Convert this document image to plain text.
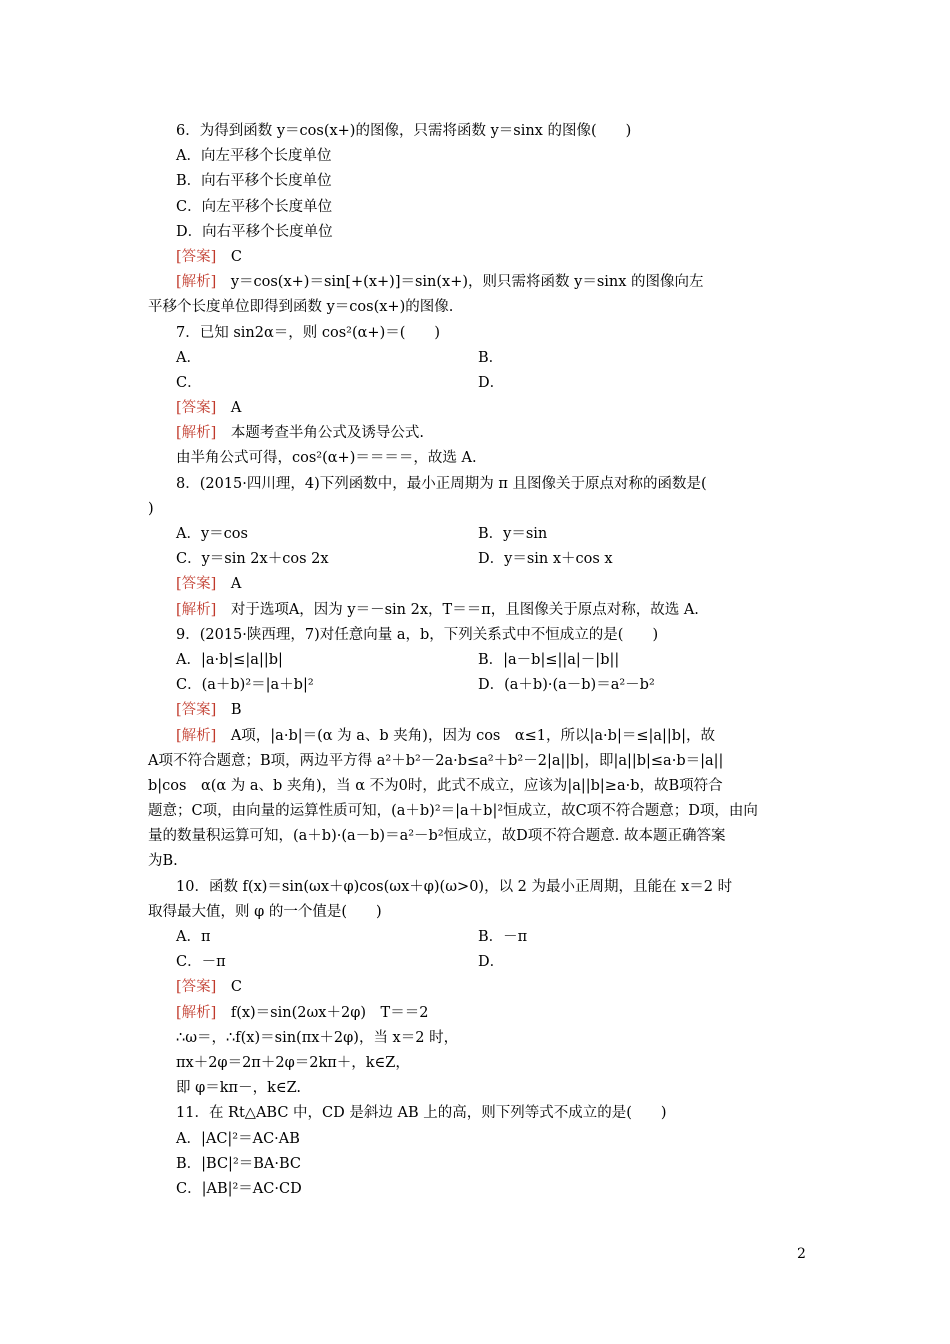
6．为得到函数 y＝cos(x+)的图像，只需将函数 y＝sinx 的图像(　　)
A．向左平移个长度单位
B．向右平移个长度单位
C．向左平移个长度单位
D．向右平移个长度单位
[答案]　C
[解析]　y＝cos(x+)＝sin[+(x+)]＝sin(x+)，则只需将函数 y＝sinx 的图像向左
平移个长度单位即得到函数 y＝cos(x+)的图像.
7．已知 sin2α＝，则 cos²(α+)＝(　　)
A．	B．
C．	D．
[答案]　A
[解析]　本题考查半角公式及诱导公式.
由半角公式可得，cos²(α+)＝＝＝＝，故选 A.
8．(2015·四川理，4)下列函数中，最小正周期为 π 且图像关于原点对称的函数是(
)
A．y＝cos	B．y＝sin
C．y＝sin 2x＋cos 2x	D．y＝sin x＋cos x
[答案]　A
[解析]　对于选项A，因为 y＝－sin 2x，T＝＝π，且图像关于原点对称，故选 A.
9．(2015·陕西理，7)对任意向量 a，b，下列关系式中不恒成立的是(　　)
A．|a·b|≤|a||b|	B．|a－b|≤||a|－|b||
C．(a＋b)²＝|a＋b|²	D．(a＋b)·(a－b)＝a²－b²
[答案]　B
[解析]　A项，|a·b|＝(α 为 a、b 夹角)，因为 cos　α≤1，所以|a·b|＝≤|a||b|，故
A项不符合题意；B项，两边平方得 a²＋b²－2a·b≤a²＋b²－2|a||b|，即|a||b|≤a·b＝|a||
b|cos　α(α 为 a、b 夹角)，当 α 不为0时，此式不成立，应该为|a||b|≥a·b，故B项符合
题意；C项，由向量的运算性质可知，(a＋b)²＝|a＋b|²恒成立，故C项不符合题意；D项，由向
量的数量积运算可知，(a＋b)·(a－b)＝a²－b²恒成立，故D项不符合题意. 故本题正确答案
为B.
10．函数 f(x)＝sin(ωx＋φ)cos(ωx＋φ)(ω>0)，以 2 为最小正周期，且能在 x＝2 时
取得最大值，则 φ 的一个值是(　　)
A．π	B．－π
C．－π	D．
[答案]　C
[解析]　f(x)＝sin(2ωx＋2φ)　T＝＝2
∴ω＝，∴f(x)＝sin(πx＋2φ)，当 x＝2 时，
πx＋2φ＝2π＋2φ＝2kπ＋，k∈Z，
即 φ＝kπ－，k∈Z.
11．在 Rt△ABC 中，CD 是斜边 AB 上的高，则下列等式不成立的是(　　)
A．|AC|²＝AC·AB
B．|BC|²＝BA·BC
C．|AB|²＝AC·CD
2
